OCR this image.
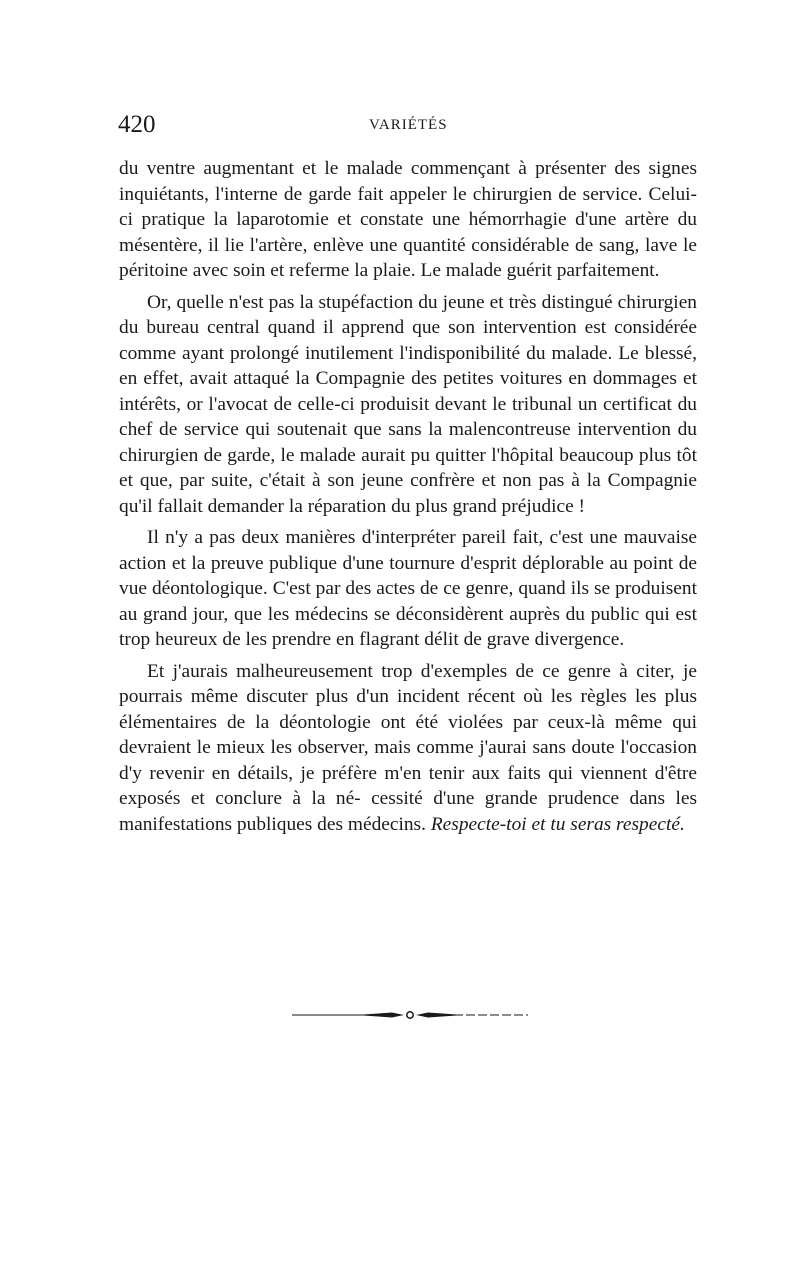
420	VARIÉTÉS

du ventre augmentant et le malade commençant à présenter des signes inquiétants, l'interne de garde fait appeler le chirurgien de service. Celui-ci pratique la laparotomie et constate une hémorrhagie d'une artère du mésentère, il lie l'artère, enlève une quantité considérable de sang, lave le péritoine avec soin et referme la plaie. Le malade guérit parfaitement.

Or, quelle n'est pas la stupéfaction du jeune et très distingué chirurgien du bureau central quand il apprend que son intervention est considérée comme ayant prolongé inutilement l'indisponibilité du malade. Le blessé, en effet, avait attaqué la Compagnie des petites voitures en dommages et intérêts, or l'avocat de celle-ci produisit devant le tribunal un certificat du chef de service qui soutenait que sans la malencontreuse intervention du chirurgien de garde, le malade aurait pu quitter l'hôpital beaucoup plus tôt et que, par suite, c'était à son jeune confrère et non pas à la Compagnie qu'il fallait demander la réparation du plus grand préjudice !

Il n'y a pas deux manières d'interpréter pareil fait, c'est une mauvaise action et la preuve publique d'une tournure d'esprit déplorable au point de vue déontologique. C'est par des actes de ce genre, quand ils se produisent au grand jour, que les médecins se déconsidèrent auprès du public qui est trop heureux de les prendre en flagrant délit de grave divergence.

Et j'aurais malheureusement trop d'exemples de ce genre à citer, je pourrais même discuter plus d'un incident récent où les règles les plus élémentaires de la déontologie ont été violées par ceux-là même qui devraient le mieux les observer, mais comme j'aurai sans doute l'occasion d'y revenir en détails, je préfère m'en tenir aux faits qui viennent d'être exposés et conclure à la né- cessité d'une grande prudence dans les manifestations publiques des médecins. Respecte-toi et tu seras respecté.
